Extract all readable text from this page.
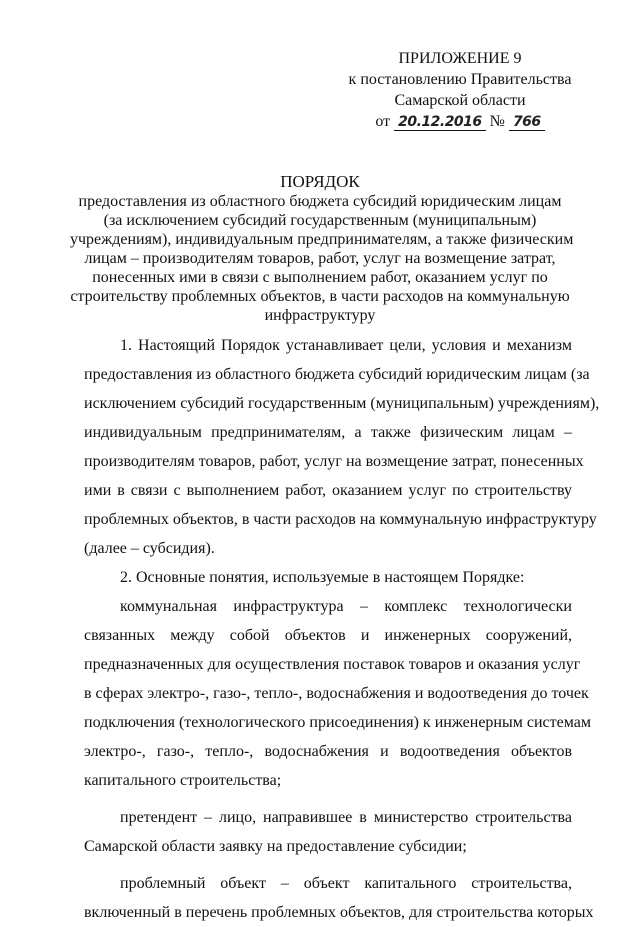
ПРИЛОЖЕНИЕ 9
к постановлению Правительства
Самарской области
от 20.12.2016 № 766
ПОРЯДОК
предоставления из областного бюджета субсидий юридическим лицам
(за исключением субсидий государственным (муниципальным)
учреждениям), индивидуальным предпринимателям, а также физическим
лицам – производителям товаров, работ, услуг на возмещение затрат,
понесенных ими в связи с выполнением работ, оказанием услуг по
строительству проблемных объектов, в части расходов на коммунальную
инфраструктуру
1. Настоящий Порядок устанавливает цели, условия и механизм
предоставления из областного бюджета субсидий юридическим лицам (за
исключением субсидий государственным (муниципальным) учреждениям),
индивидуальным предпринимателям, а также физическим лицам –
производителям товаров, работ, услуг на возмещение затрат, понесенных
ими в связи с выполнением работ, оказанием услуг по строительству
проблемных объектов, в части расходов на коммунальную инфраструктуру
(далее – субсидия).
2. Основные понятия, используемые в настоящем Порядке:
коммунальная инфраструктура – комплекс технологически
связанных между собой объектов и инженерных сооружений,
предназначенных для осуществления поставок товаров и оказания услуг
в сферах электро-, газо-, тепло-, водоснабжения и водоотведения до точек
подключения (технологического присоединения) к инженерным системам
электро-, газо-, тепло-, водоснабжения и водоотведения объектов
капитального строительства;
претендент – лицо, направившее в министерство строительства
Самарской области заявку на предоставление субсидии;
проблемный объект – объект капитального строительства,
включенный в перечень проблемных объектов, для строительства которых
